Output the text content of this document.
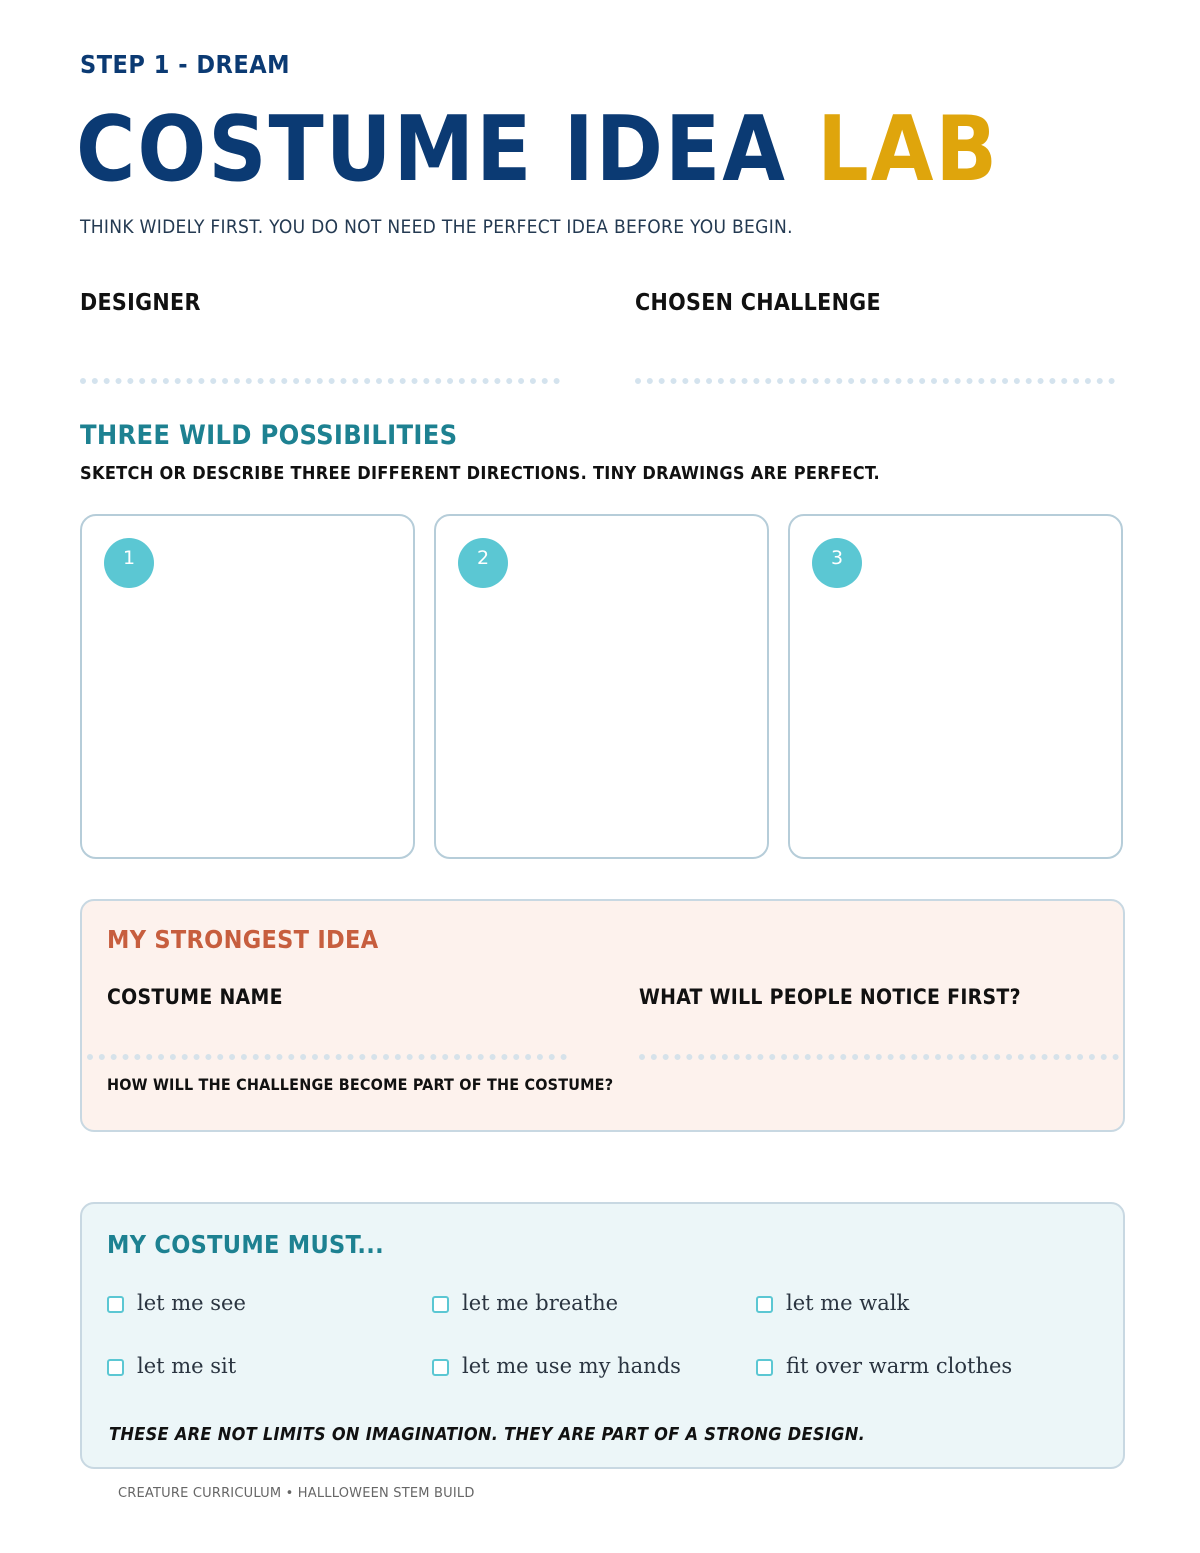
STEP 1 - DREAM
COSTUME IDEA LAB
THINK WIDELY FIRST. YOU DO NOT NEED THE PERFECT IDEA BEFORE YOU BEGIN.
DESIGNER	CHOSEN CHALLENGE
THREE WILD POSSIBILITIES
SKETCH OR DESCRIBE THREE DIFFERENT DIRECTIONS. TINY DRAWINGS ARE PERFECT.
1	2	3
MY STRONGEST IDEA
COSTUME NAME	WHAT WILL PEOPLE NOTICE FIRST?
HOW WILL THE CHALLENGE BECOME PART OF THE COSTUME?
MY COSTUME MUST...
let me see	let me breathe	let me walk
let me sit	let me use my hands	fit over warm clothes
THESE ARE NOT LIMITS ON IMAGINATION. THEY ARE PART OF A STRONG DESIGN.
CREATURE CURRICULUM • HALLLOWEEN STEM BUILD
